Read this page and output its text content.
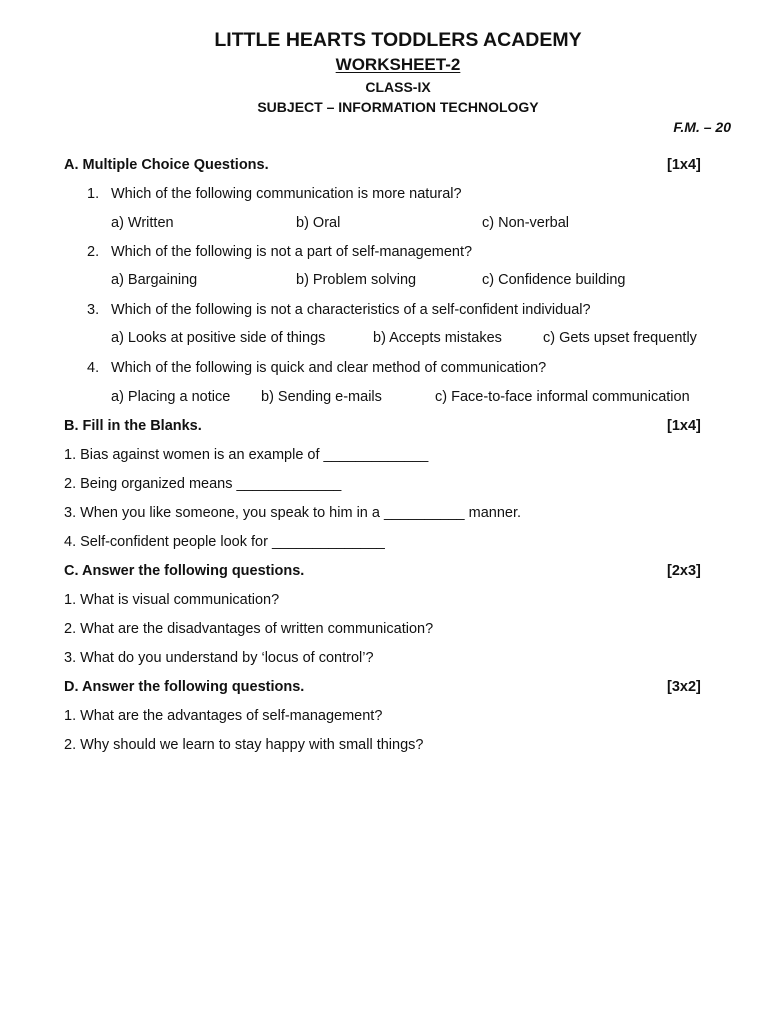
LITTLE HEARTS TODDLERS ACADEMY
WORKSHEET-2
CLASS-IX
SUBJECT – INFORMATION TECHNOLOGY
F.M. – 20
A. Multiple Choice Questions.	[1x4]
1. Which of the following communication is more natural?
a) Written	b) Oral	c) Non-verbal
2. Which of the following is not a part of self-management?
a) Bargaining	b) Problem solving	c) Confidence building
3. Which of the following is not a characteristics of a self-confident individual?
a) Looks at positive side of things	b) Accepts mistakes	c) Gets upset frequently
4. Which of the following is quick and clear method of communication?
a) Placing a notice b) Sending e-mails	c) Face-to-face informal communication
B. Fill in the Blanks.	[1x4]
1. Bias against women is an example of _____________
2. Being organized means _____________
3. When you like someone, you speak to him in a __________ manner.
4. Self-confident people look for ______________
C. Answer the following questions.	[2x3]
1. What is visual communication?
2. What are the disadvantages of written communication?
3. What do you understand by ‘locus of control’?
D. Answer the following questions.	[3x2]
1. What are the advantages of self-management?
2. Why should we learn to stay happy with small things?
